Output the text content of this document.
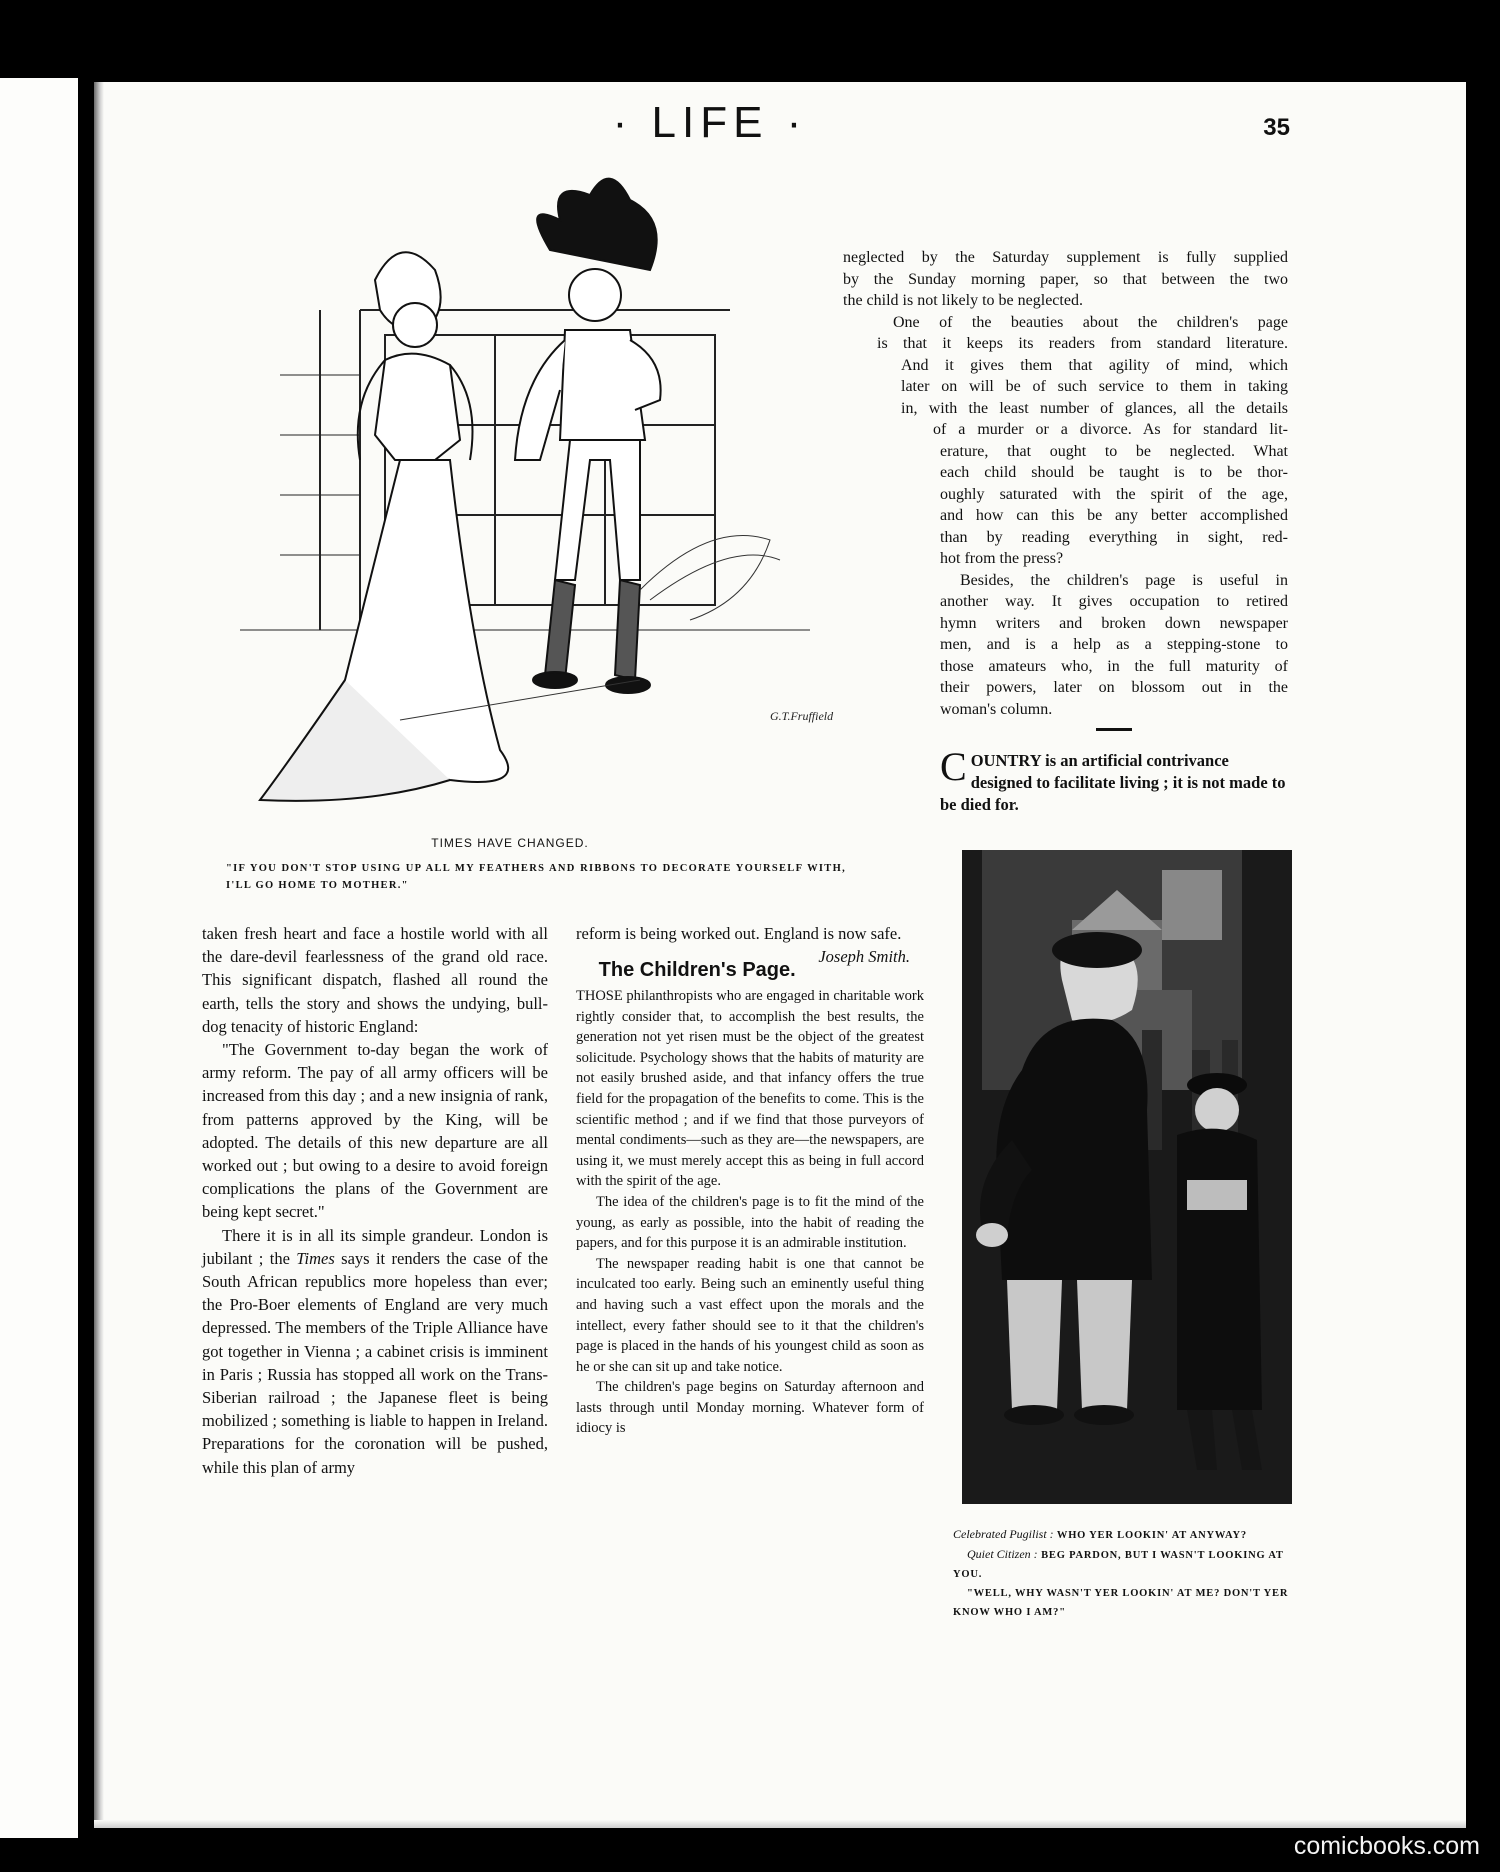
· LIFE ·	35
G.T.Fruffield
TIMES HAVE CHANGED.
"IF YOU DON'T STOP USING UP ALL MY FEATHERS AND RIBBONS TO DECORATE YOURSELF WITH, I'LL GO HOME TO MOTHER."
neglected by the Saturday supplement is fully supplied
by the Sunday morning paper, so that between the two
the child is not likely to be neglected.
One of the beauties about the children's page
is that it keeps its readers from standard literature.
And it gives them that agility of mind, which
later on will be of such service to them in taking
in, with the least number of glances, all the details
of a murder or a divorce. As for standard lit-
erature, that ought to be neglected. What
each child should be taught is to be thor-
oughly saturated with the spirit of the age,
and how can this be any better accomplished
than by reading everything in sight, red-
hot from the press?
Besides, the children's page is useful in
another way. It gives occupation to retired
hymn writers and broken down newspaper
men, and is a help as a stepping-stone to
those amateurs who, in the full maturity of
their powers, later on blossom out in the
woman's column.
C OUNTRY is an artificial contrivance designed to facilitate living ; it is not made to be died for.
Celebrated Pugilist : WHO YER LOOKIN' AT ANYWAY?
Quiet Citizen : BEG PARDON, BUT I WASN'T LOOKING AT YOU.
"WELL, WHY WASN'T YER LOOKIN' AT ME? DON'T YER KNOW WHO I AM?"

taken fresh heart and face a hostile world with all the dare-devil fearlessness of the grand old race. This significant dispatch, flashed all round the earth, tells the story and shows the undying, bull-dog tenacity of historic England:

"The Government to-day began the work of army reform. The pay of all army officers will be increased from this day ; and a new insignia of rank, from patterns approved by the King, will be adopted. The details of this new departure are all worked out ; but owing to a desire to avoid foreign complications the plans of the Government are being kept secret."

There it is in all its simple grandeur. London is jubilant ; the Times says it renders the case of the South African republics more hopeless than ever; the Pro-Boer elements of England are very much depressed. The members of the Triple Alliance have got together in Vienna ; a cabinet crisis is imminent in Paris ; Russia has stopped all work on the Trans-Siberian railroad ; the Japanese fleet is being mobilized ; something is liable to happen in Ireland. Preparations for the coronation will be pushed, while this plan of army

reform is being worked out. England is now safe.
Joseph Smith.

The Children's Page.

THOSE philanthropists who are engaged in charitable work rightly consider that, to accomplish the best results, the generation not yet risen must be the object of the greatest solicitude. Psychology shows that the habits of maturity are not easily brushed aside, and that infancy offers the true field for the propagation of the benefits to come. This is the scientific method ; and if we find that those purveyors of mental condiments—such as they are—the newspapers, are using it, we must merely accept this as being in full accord with the spirit of the age.

The idea of the children's page is to fit the mind of the young, as early as possible, into the habit of reading the papers, and for this purpose it is an admirable institution.

The newspaper reading habit is one that cannot be inculcated too early. Being such an eminently useful thing and having such a vast effect upon the morals and the intellect, every father should see to it that the children's page is placed in the hands of his youngest child as soon as he or she can sit up and take notice.

The children's page begins on Saturday afternoon and lasts through until Monday morning. Whatever form of idiocy is

comicbooks.com
